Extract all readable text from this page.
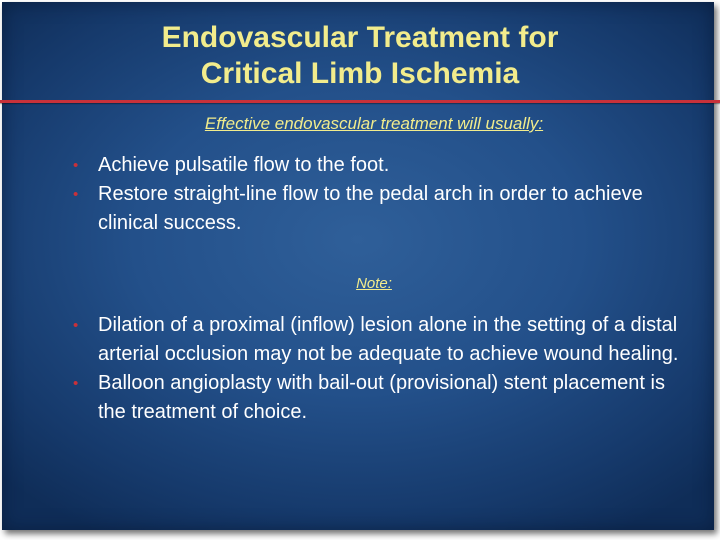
Endovascular Treatment for
Critical Limb Ischemia

Effective endovascular treatment will usually:

• Achieve pulsatile flow to the foot.
• Restore straight-line flow to the pedal arch in order to achieve clinical success.

Note:

• Dilation of a proximal (inflow) lesion alone in the setting of a distal arterial occlusion may not be adequate to achieve wound healing.
• Balloon angioplasty with bail-out (provisional) stent placement is the treatment of choice.
